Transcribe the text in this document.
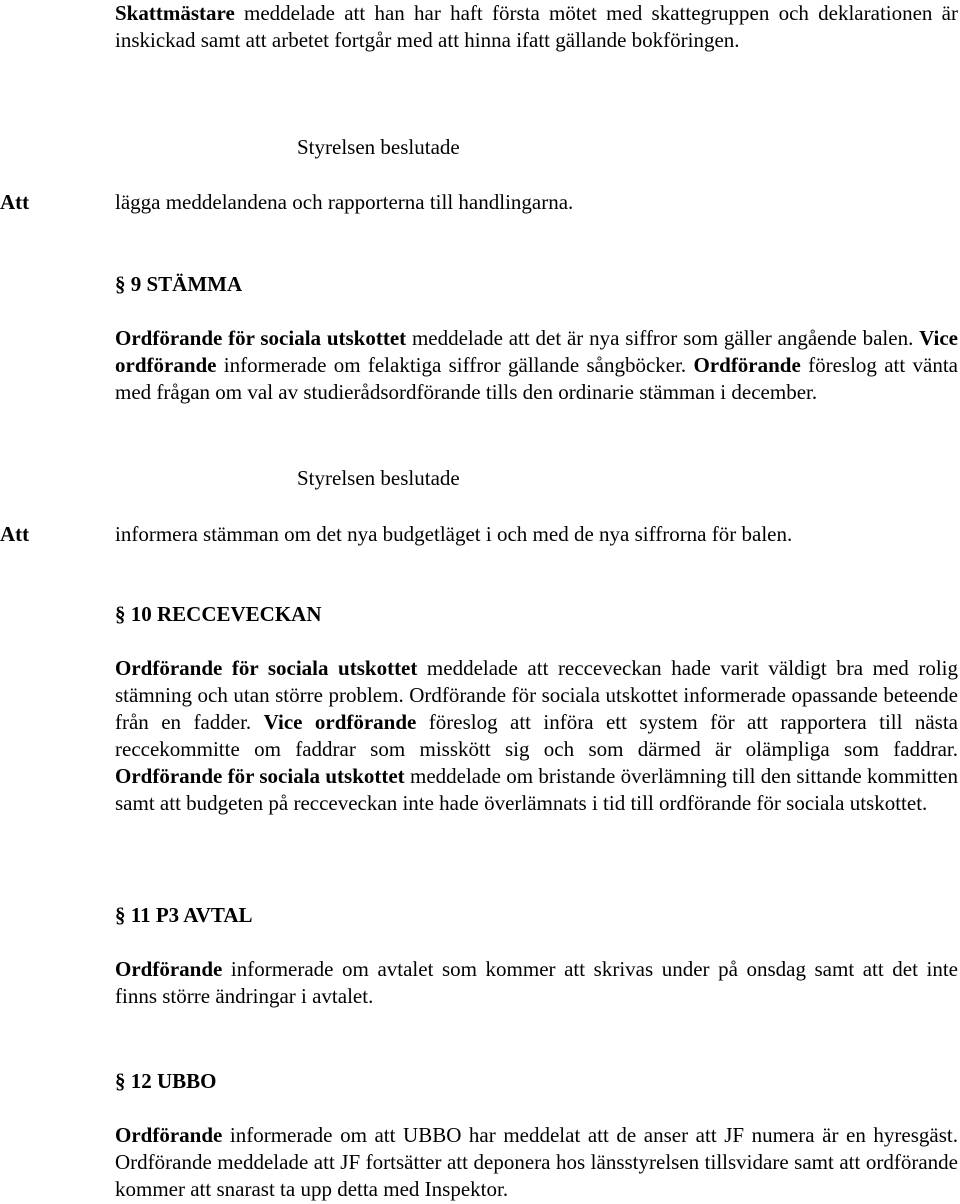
Skattmästare meddelade att han har haft första mötet med skattegruppen och deklarationen är inskickad samt att arbetet fortgår med att hinna ifatt gällande bokföringen.

Styrelsen beslutade
Att	lägga meddelandena och rapporterna till handlingarna.
§ 9 STÄMMA

Ordförande för sociala utskottet meddelade att det är nya siffror som gäller angående balen. Vice ordförande informerade om felaktiga siffror gällande sångböcker. Ordförande föreslog att vänta med frågan om val av studierådsordförande tills den ordinarie stämman i december.

Styrelsen beslutade
Att	informera stämman om det nya budgetläget i och med de nya siffrorna för balen.
§ 10 RECCEVECKAN

Ordförande för sociala utskottet meddelade att recceveckan hade varit väldigt bra med rolig stämning och utan större problem. Ordförande för sociala utskottet informerade opassande beteende från en fadder. Vice ordförande föreslog att införa ett system för att rapportera till nästa reccekommitte om faddrar som misskött sig och som därmed är olämpliga som faddrar. Ordförande för sociala utskottet meddelade om bristande överlämning till den sittande kommitten samt att budgeten på recceveckan inte hade överlämnats i tid till ordförande för sociala utskottet.

§ 11 P3 AVTAL

Ordförande informerade om avtalet som kommer att skrivas under på onsdag samt att det inte finns större ändringar i avtalet.

§ 12 UBBO

Ordförande informerade om att UBBO har meddelat att de anser att JF numera är en hyresgäst. Ordförande meddelade att JF fortsätter att deponera hos länsstyrelsen tillsvidare samt att ordförande kommer att snarast ta upp detta med Inspektor.
